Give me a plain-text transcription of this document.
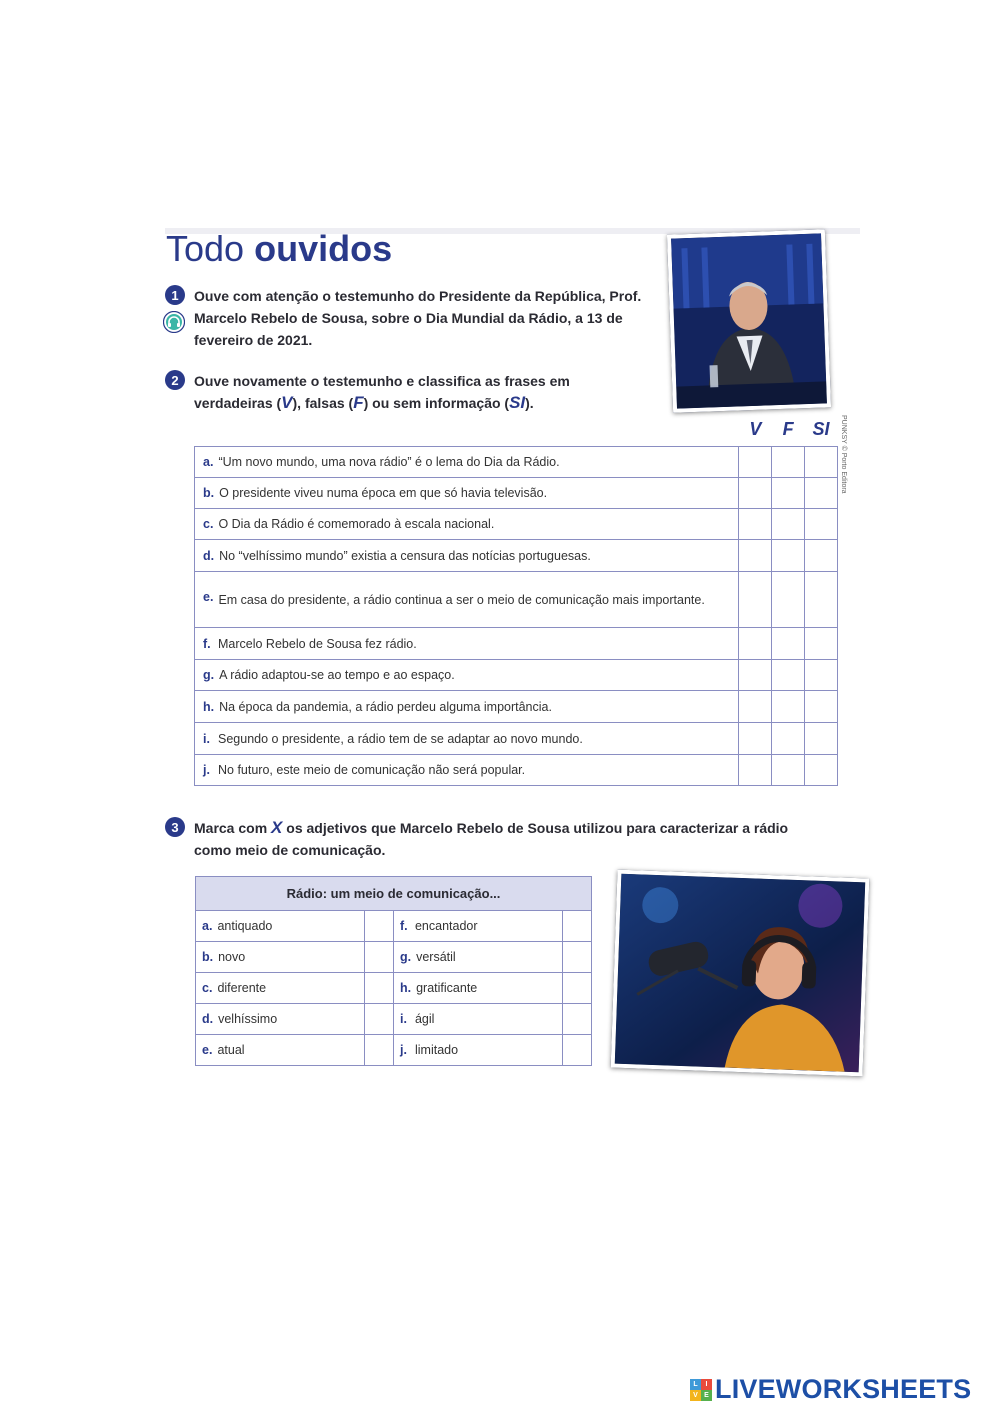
Todo ouvidos
1	Ouve com atenção o testemunho do Presidente da República, Prof. Marcelo Rebelo de Sousa, sobre o Dia Mundial da Rádio, a 13 de fevereiro de 2021.
2	Ouve novamente o testemunho e classifica as frases em verdadeiras (V), falsas (F) ou sem informação (SI).
PUNKSY © Porto Editora
	V	F	SI
a. “Um novo mundo, uma nova rádio” é o lema do Dia da Rádio.			
b. O presidente viveu numa época em que só havia televisão.			
c. O Dia da Rádio é comemorado à escala nacional.			
d. No “velhíssimo mundo” existia a censura das notícias portuguesas.			

e. Em casa do presidente, a rádio continua a ser o meio de comunicação mais importante.			

f. Marcelo Rebelo de Sousa fez rádio.			
g. A rádio adaptou-se ao tempo e ao espaço.			
h. Na época da pandemia, a rádio perdeu alguma importância.			
i. Segundo o presidente, a rádio tem de se adaptar ao novo mundo.			
j. No futuro, este meio de comunicação não será popular.			
3	Marca com X os adjetivos que Marcelo Rebelo de Sousa utilizou para caracterizar a rádio como meio de comunicação.
Rádio: um meio de comunicação...			
a. antiquado		f. encantador	
b. novo		g. versátil	
c. diferente		h. gratificante	
d. velhíssimo		i. ágil	
e. atual		j. limitado	
L	I
V E LIVEWORKSHEETS
